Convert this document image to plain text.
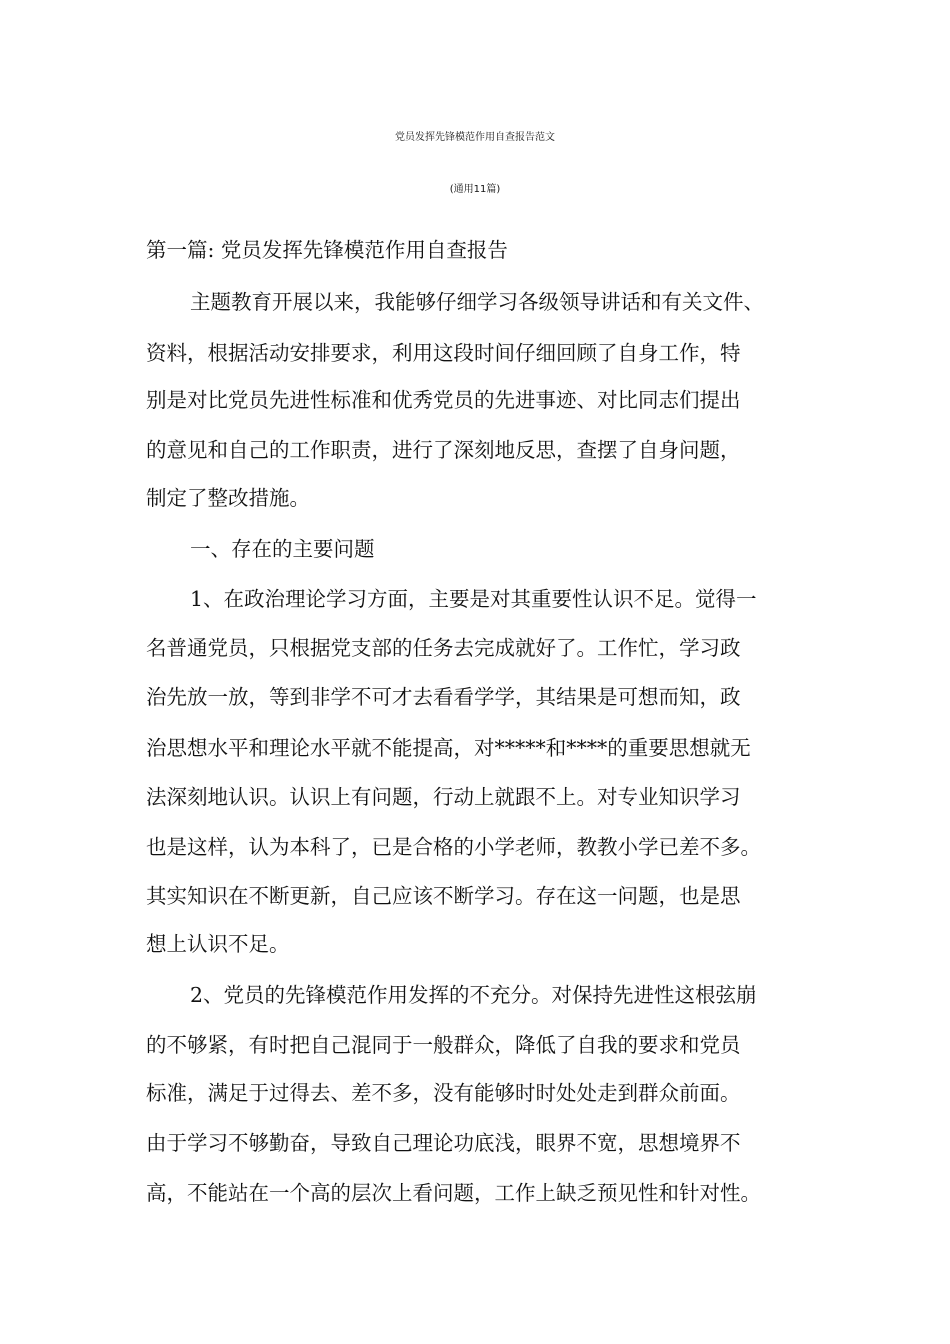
党员发挥先锋模范作用自查报告范文
(通用11篇)
第一篇: 党员发挥先锋模范作用自查报告
主题教育开展以来，我能够仔细学习各级领导讲话和有关文件、
资料，根据活动安排要求，利用这段时间仔细回顾了自身工作，特
别是对比党员先进性标准和优秀党员的先进事迹、对比同志们提出
的意见和自己的工作职责，进行了深刻地反思，查摆了自身问题，
制定了整改措施。
一、存在的主要问题
1、在政治理论学习方面，主要是对其重要性认识不足。觉得一
名普通党员，只根据党支部的任务去完成就好了。工作忙，学习政
治先放一放，等到非学不可才去看看学学，其结果是可想而知，政
治思想水平和理论水平就不能提高，对*****和****的重要思想就无
法深刻地认识。认识上有问题，行动上就跟不上。对专业知识学习
也是这样，认为本科了，已是合格的小学老师，教教小学已差不多。
其实知识在不断更新，自己应该不断学习。存在这一问题，也是思
想上认识不足。
2、党员的先锋模范作用发挥的不充分。对保持先进性这根弦崩
的不够紧，有时把自己混同于一般群众，降低了自我的要求和党员
标准，满足于过得去、差不多，没有能够时时处处走到群众前面。
由于学习不够勤奋，导致自己理论功底浅，眼界不宽，思想境界不
高，不能站在一个高的层次上看问题，工作上缺乏预见性和针对性。
